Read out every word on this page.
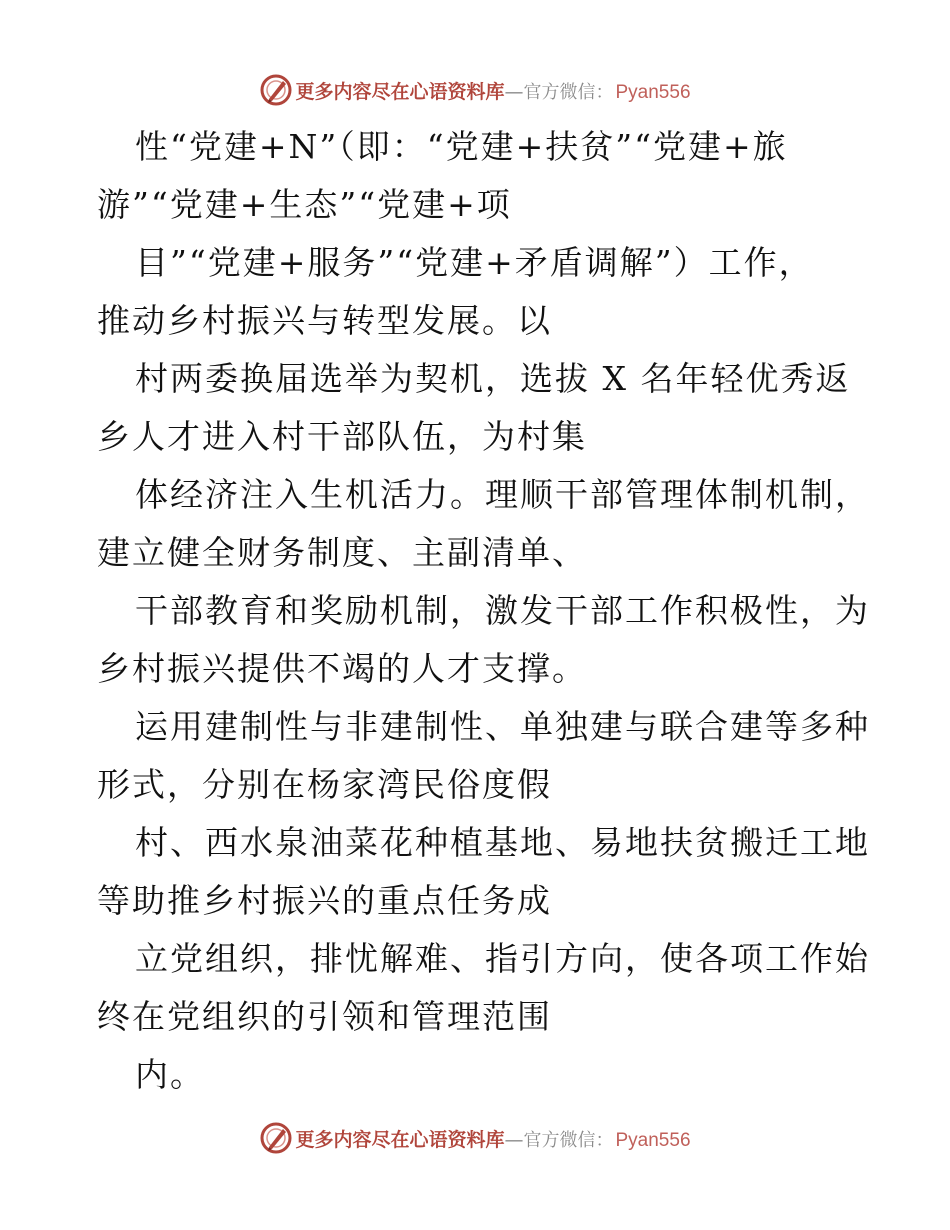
更多内容尽在心语资料库 — 官方微信： Pyan556
性“党建+N”（即：“党建+扶贫”“党建+旅
游”“党建+生态”“党建+项
目”“党建+服务”“党建+矛盾调解”）工作，
推动乡村振兴与转型发展。以
村两委换届选举为契机，选拔 X 名年轻优秀返
乡人才进入村干部队伍，为村集
体经济注入生机活力。理顺干部管理体制机制，
建立健全财务制度、主副清单、
干部教育和奖励机制，激发干部工作积极性，为
乡村振兴提供不竭的人才支撑。
运用建制性与非建制性、单独建与联合建等多种
形式，分别在杨家湾民俗度假
村、西水泉油菜花种植基地、易地扶贫搬迁工地
等助推乡村振兴的重点任务成
立党组织，排忧解难、指引方向，使各项工作始
终在党组织的引领和管理范围
内。
更多内容尽在心语资料库 — 官方微信： Pyan556
